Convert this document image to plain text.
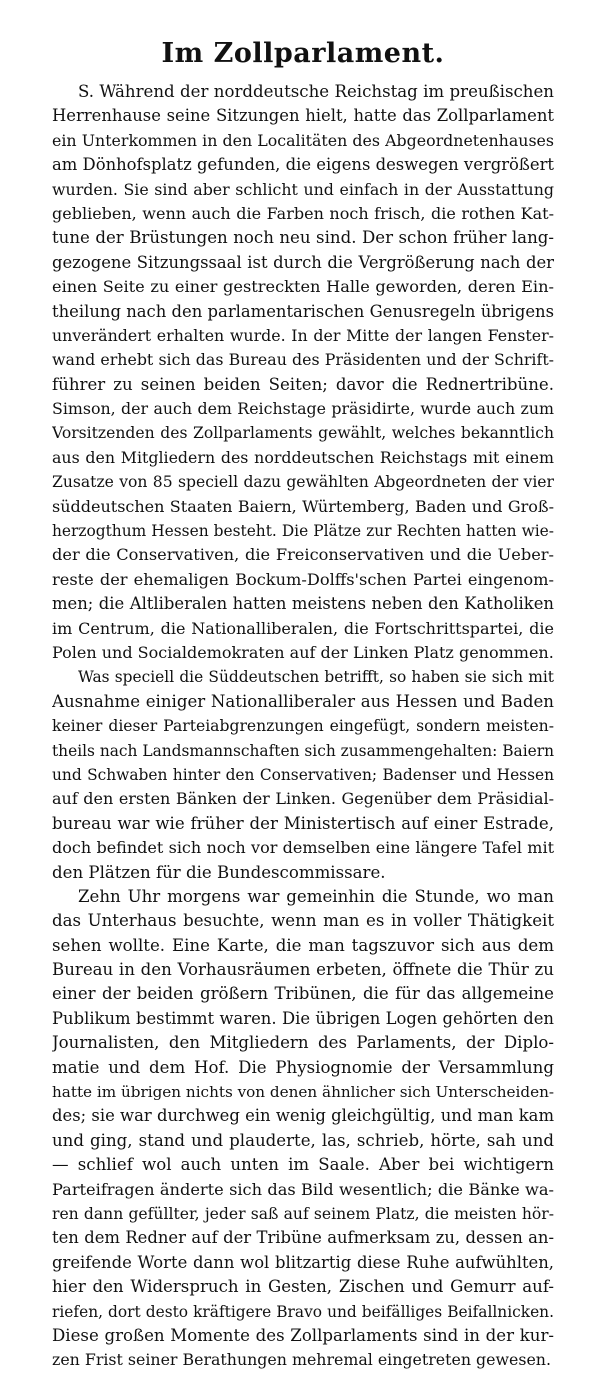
Im Zollparlament.
S. Während der norddeutsche Reichstag im preußischen
Herrenhause seine Sitzungen hielt, hatte das Zollparlament
ein Unterkommen in den Localitäten des Abgeordnetenhauses
am Dönhofsplatz gefunden, die eigens deswegen vergrößert
wurden. Sie sind aber schlicht und einfach in der Ausstattung
geblieben, wenn auch die Farben noch frisch, die rothen Kat-
tune der Brüstungen noch neu sind. Der schon früher lang-
gezogene Sitzungssaal ist durch die Vergrößerung nach der
einen Seite zu einer gestreckten Halle geworden, deren Ein-
theilung nach den parlamentarischen Genusregeln übrigens
unverändert erhalten wurde. In der Mitte der langen Fenster-
wand erhebt sich das Bureau des Präsidenten und der Schrift-
führer zu seinen beiden Seiten; davor die Rednertribüne.
Simson, der auch dem Reichstage präsidirte, wurde auch zum
Vorsitzenden des Zollparlaments gewählt, welches bekanntlich
aus den Mitgliedern des norddeutschen Reichstags mit einem
Zusatze von 85 speciell dazu gewählten Abgeordneten der vier
süddeutschen Staaten Baiern, Würtemberg, Baden und Groß-
herzogthum Hessen besteht. Die Plätze zur Rechten hatten wie-
der die Conservativen, die Freiconservativen und die Ueber-
reste der ehemaligen Bockum-Dolffs'schen Partei eingenom-
men; die Altliberalen hatten meistens neben den Katholiken
im Centrum, die Nationalliberalen, die Fortschrittspartei, die
Polen und Socialdemokraten auf der Linken Platz genommen.
Was speciell die Süddeutschen betrifft, so haben sie sich mit
Ausnahme einiger Nationalliberaler aus Hessen und Baden
keiner dieser Parteiabgrenzungen eingefügt, sondern meisten-
theils nach Landsmannschaften sich zusammengehalten: Baiern
und Schwaben hinter den Conservativen; Badenser und Hessen
auf den ersten Bänken der Linken. Gegenüber dem Präsidial-
bureau war wie früher der Ministertisch auf einer Estrade,
doch befindet sich noch vor demselben eine längere Tafel mit
den Plätzen für die Bundescommissare.
Zehn Uhr morgens war gemeinhin die Stunde, wo man
das Unterhaus besuchte, wenn man es in voller Thätigkeit
sehen wollte. Eine Karte, die man tagszuvor sich aus dem
Bureau in den Vorhausräumen erbeten, öffnete die Thür zu
einer der beiden größern Tribünen, die für das allgemeine
Publikum bestimmt waren. Die übrigen Logen gehörten den
Journalisten, den Mitgliedern des Parlaments, der Diplo-
matie und dem Hof. Die Physiognomie der Versammlung
hatte im übrigen nichts von denen ähnlicher sich Unterscheiden-
des; sie war durchweg ein wenig gleichgültig, und man kam
und ging, stand und plauderte, las, schrieb, hörte, sah und
— schlief wol auch unten im Saale. Aber bei wichtigern
Parteifragen änderte sich das Bild wesentlich; die Bänke wa-
ren dann gefüllter, jeder saß auf seinem Platz, die meisten hör-
ten dem Redner auf der Tribüne aufmerksam zu, dessen an-
greifende Worte dann wol blitzartig diese Ruhe aufwühlten,
hier den Widerspruch in Gesten, Zischen und Gemurr auf-
riefen, dort desto kräftigere Bravo und beifälliges Beifallnicken.
Diese großen Momente des Zollparlaments sind in der kur-
zen Frist seiner Berathungen mehremal eingetreten gewesen.
